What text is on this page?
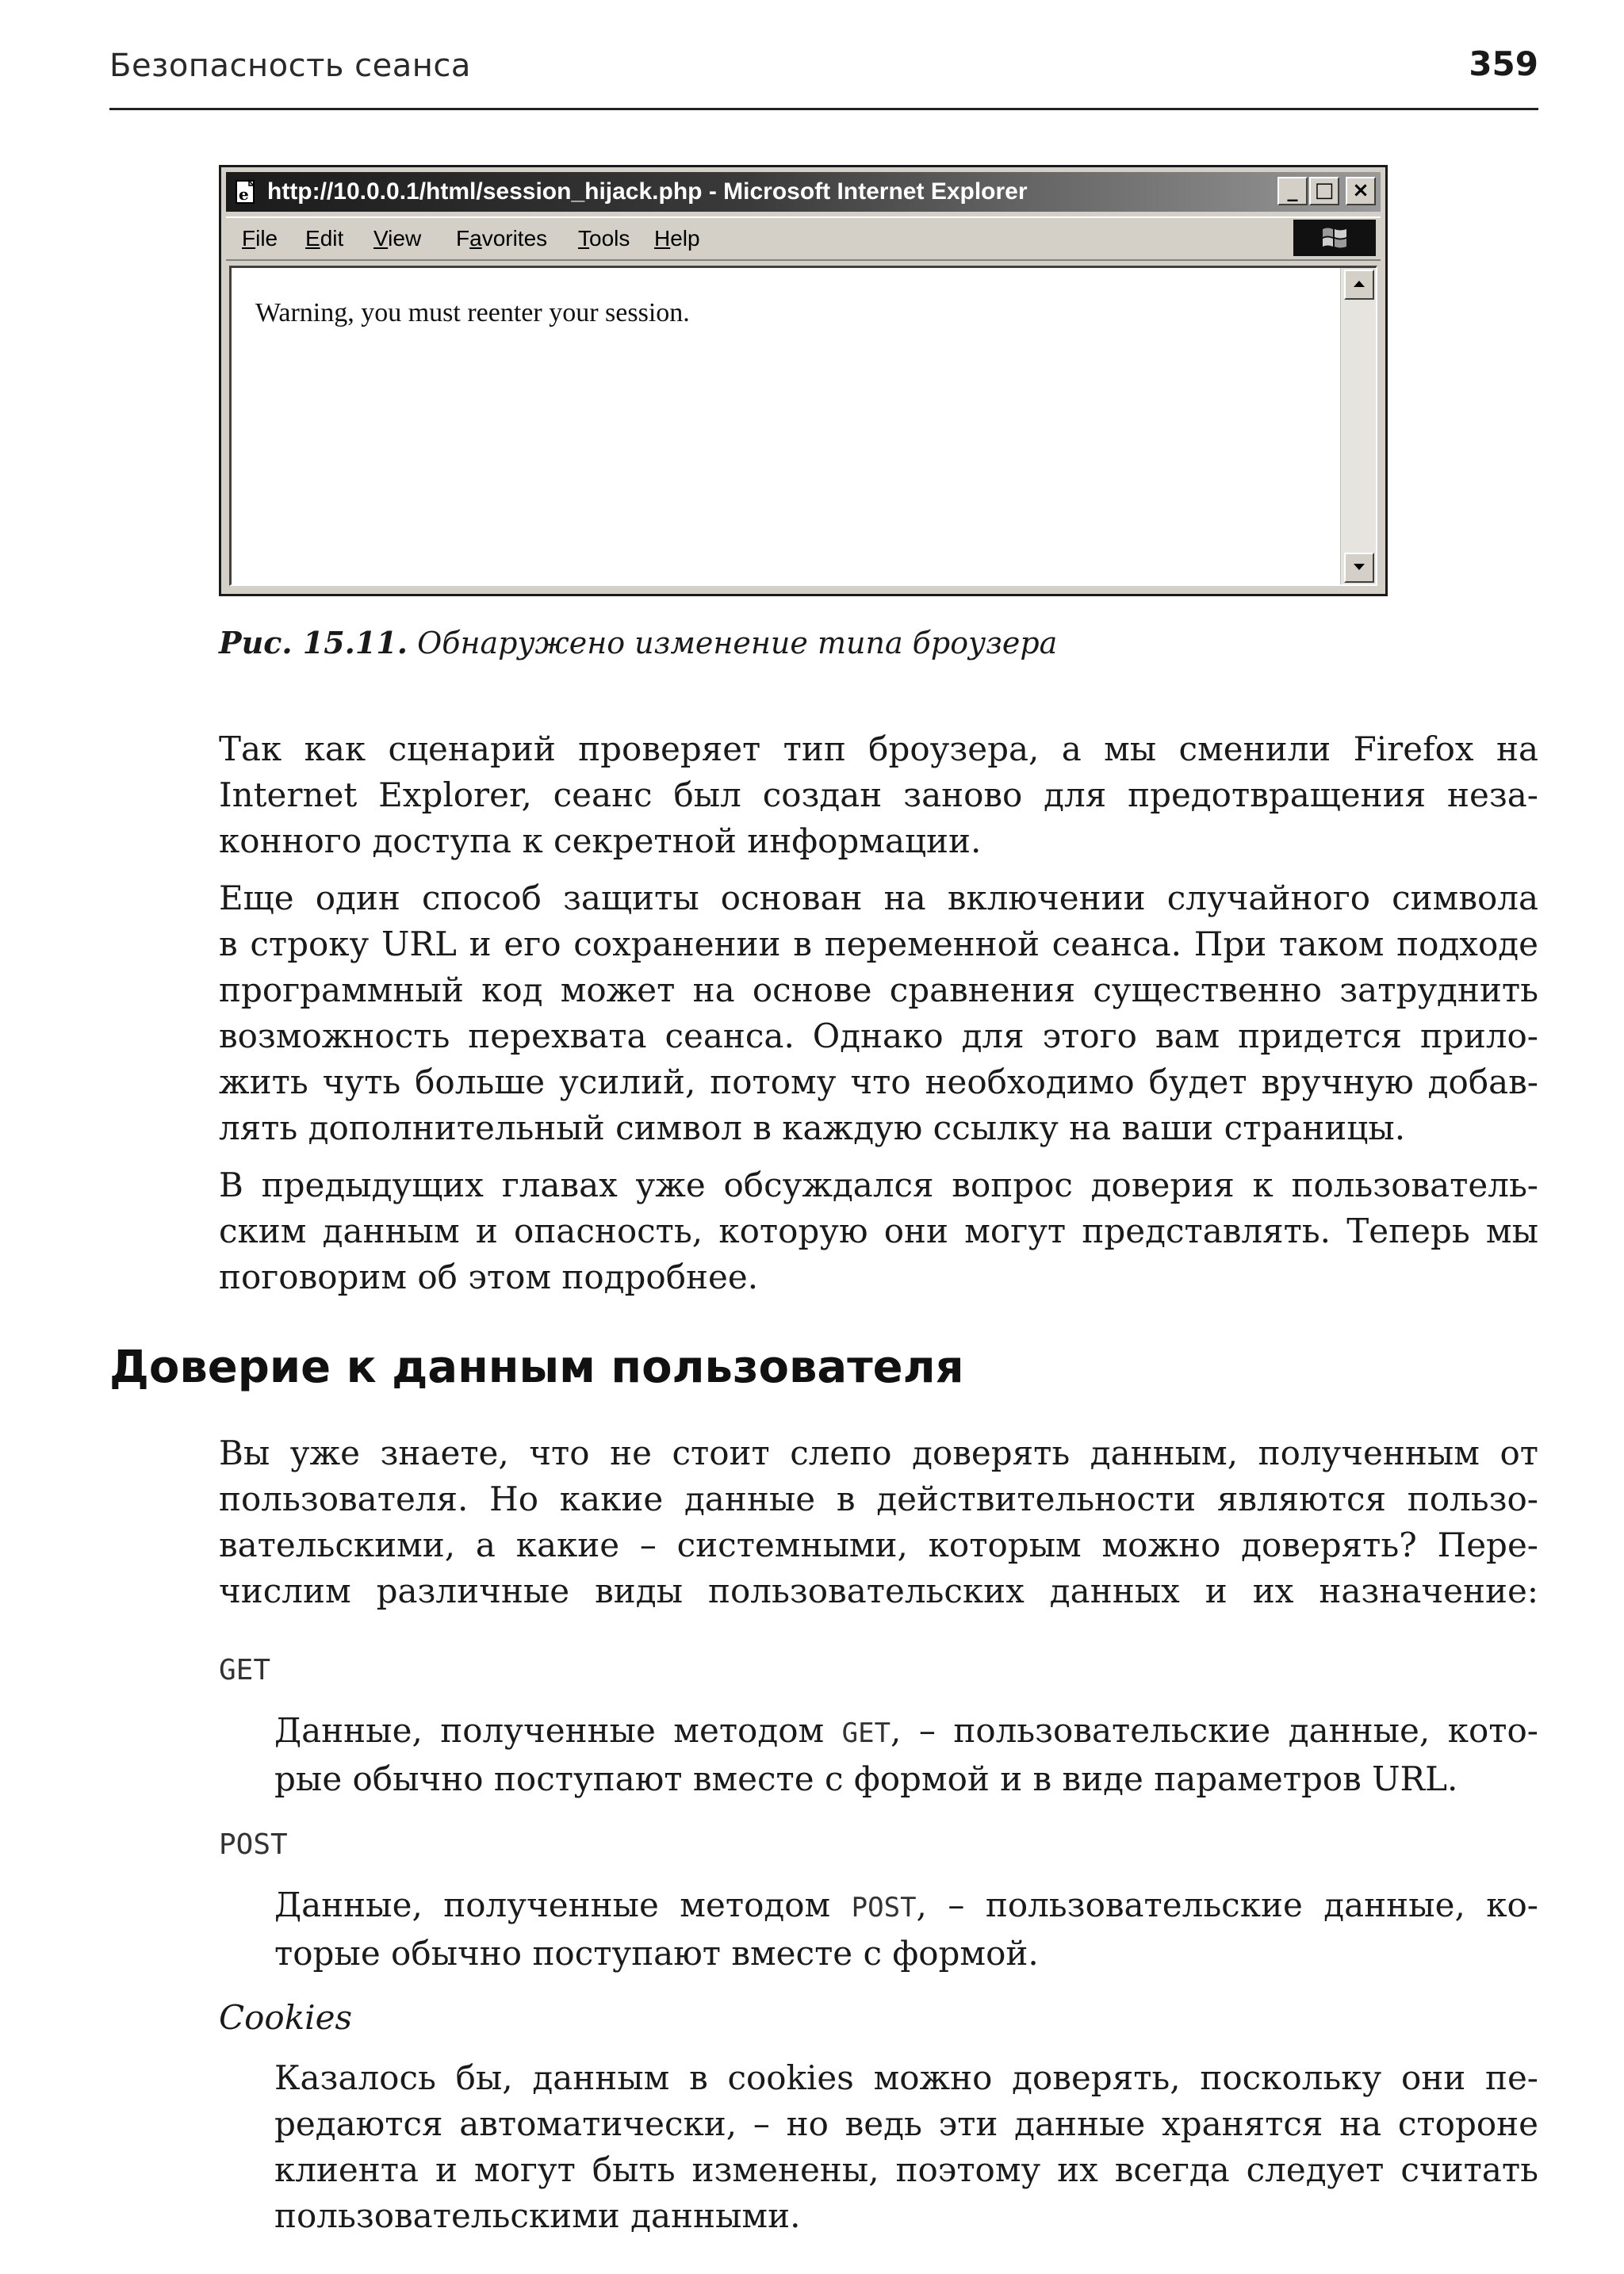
Безопасность сеанса	359
e http://10.0.0.1/html/session_hijack.php - Microsoft Internet Explorer	_ □ ×
File Edit View Favorites Tools Help
Warning, you must reenter your session.
Рис. 15.11. Обнаружено изменение типа броузера
Так как сценарий проверяет тип броузера, а мы сменили Firefox на
Internet Explorer, сеанс был создан заново для предотвращения неза-
конного доступа к секретной информации.
Еще один способ защиты основан на включении случайного символа
в строку URL и его сохранении в переменной сеанса. При таком подходе
программный код может на основе сравнения существенно затруднить
возможность перехвата сеанса. Однако для этого вам придется прило-
жить чуть больше усилий, потому что необходимо будет вручную добав-
лять дополнительный символ в каждую ссылку на ваши страницы.
В предыдущих главах уже обсуждался вопрос доверия к пользователь-
ским данным и опасность, которую они могут представлять. Теперь мы
поговорим об этом подробнее.
Доверие к данным пользователя
Вы уже знаете, что не стоит слепо доверять данным, полученным от
пользователя. Но какие данные в действительности являются пользо-
вательскими, а какие – системными, которым можно доверять? Пере-
числим различные виды пользовательских данных и их назначение:
GET
Данные, полученные методом GET, – пользовательские данные, кото-
рые обычно поступают вместе с формой и в виде параметров URL.
POST
Данные, полученные методом POST, – пользовательские данные, ко-
торые обычно поступают вместе с формой.
Cookies
Казалось бы, данным в cookies можно доверять, поскольку они пе-
редаются автоматически, – но ведь эти данные хранятся на стороне
клиента и могут быть изменены, поэтому их всегда следует считать
пользовательскими данными.
